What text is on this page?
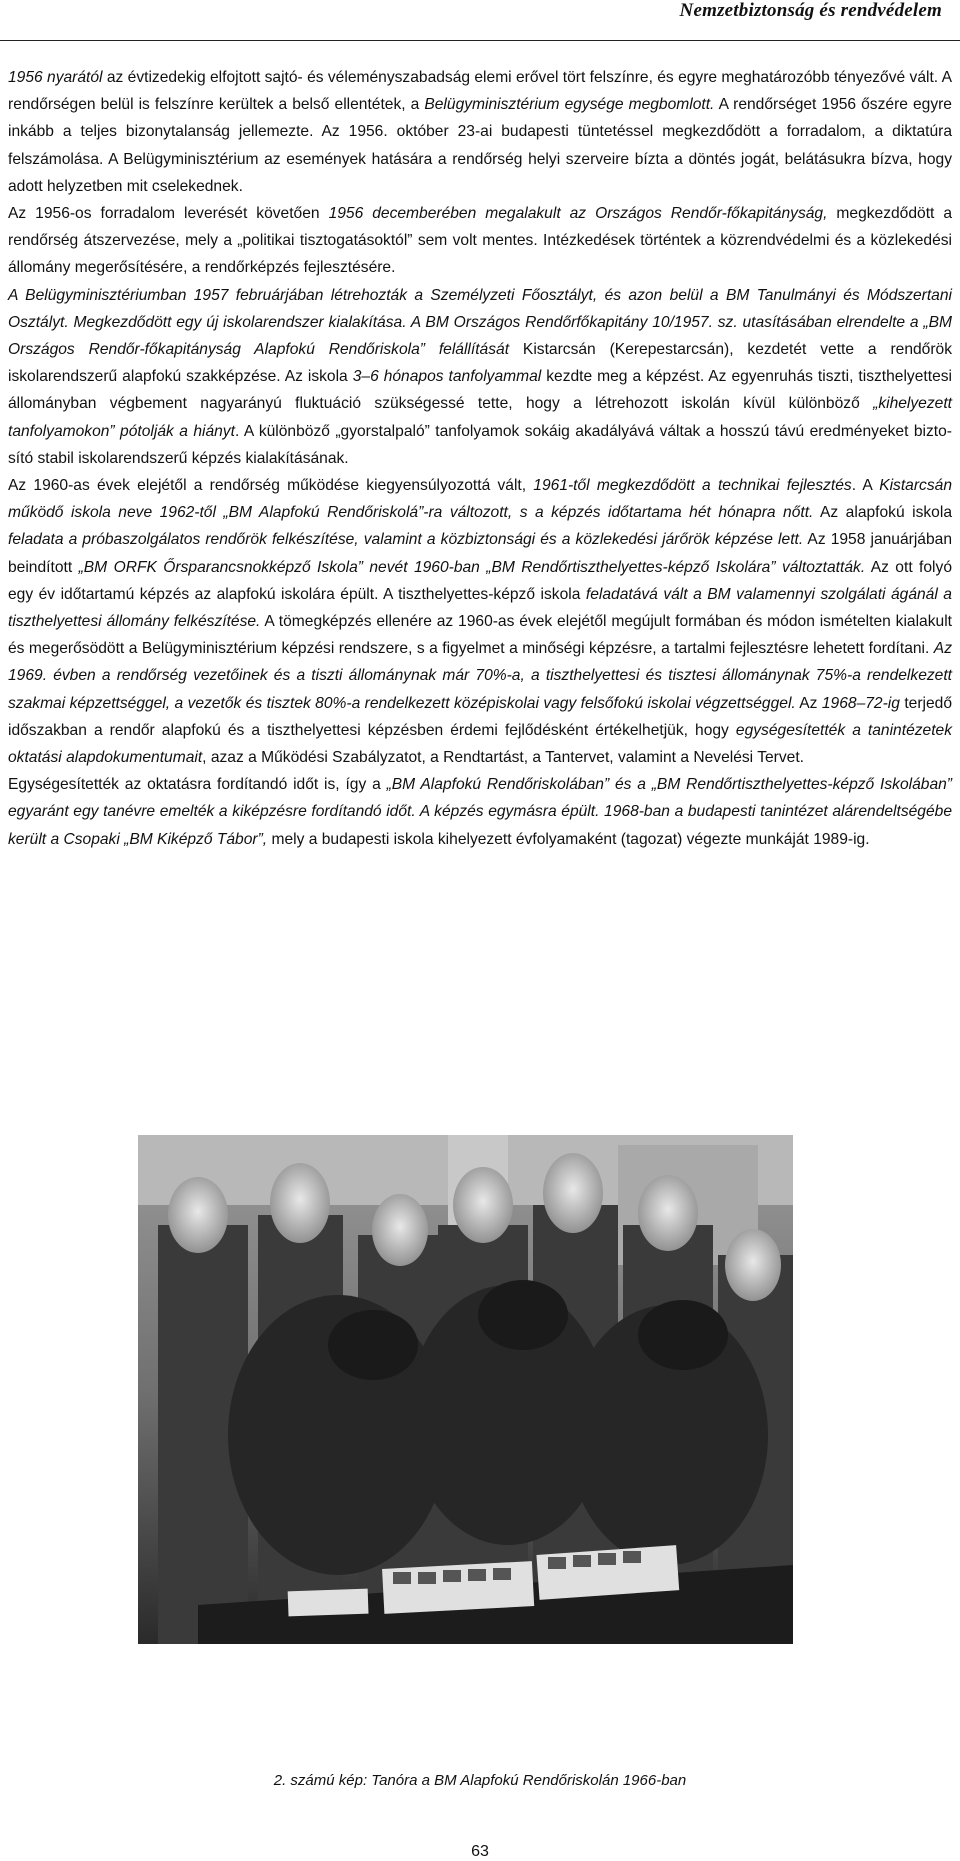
Nemzetbiztonság és rendvédelem

1956 nyarától az évtizedekig elfojtott sajtó- és véleményszabadság elemi erővel tört felszínre, és egyre meghatározóbb tényezővé vált. A rendőrségen belül is felszínre kerültek a belső ellentétek, a Belügyminisztérium egysége megbomlott. A rendőrséget 1956 őszére egyre inkább a teljes bizonytalanság jellemezte. Az 1956. október 23-ai budapesti tüntetéssel megkezdődött a forradalom, a diktatúra felszámolása. A Belügyminisztérium az események hatására a rendőrség helyi szerveire bízta a döntés jogát, belátásukra bízva, hogy adott helyzetben mit cselekednek.

Az 1956-os forradalom leverését követően 1956 decemberében megalakult az Országos Rendőr-főkapitányság, megkezdődött a rendőrség átszervezése, mely a „politikai tisztogatásoktól” sem volt mentes. Intézkedések történtek a közrendvédelmi és a közlekedési állomány megerősítésére, a rendőrképzés fejlesztésére.

A Belügyminisztériumban 1957 februárjában létrehozták a Személyzeti Főosztályt, és azon belül a BM Tanulmányi és Módszertani Osztályt. Megkezdődött egy új iskolarendszer kialakítása. A BM Országos Rendőrfőkapitány 10/1957. sz. utasításában elrendelte a „BM Országos Rendőr-főkapitányság Alapfokú Rendőriskola” felállítását Kistarcsán (Kerepestarcsán), kezdetét vette a rendőrök iskolarendszerű alapfokú szakképzése. Az iskola 3–6 hónapos tanfolyammal kezdte meg a képzést. Az egyenruhás tiszti, tiszthelyettesi állományban végbement nagyarányú fluktuáció szükségessé tette, hogy a létrehozott iskolán kívül különböző „kihelyezett tanfolyamokon” pótolják a hiányt. A különböző „gyorstalpaló” tanfolyamok sokáig akadályává váltak a hosszú távú eredményeket biztosító stabil iskolarendszerű képzés kialakításának.

Az 1960-as évek elejétől a rendőrség működése kiegyensúlyozottá vált, 1961-től megkezdődött a technikai fejlesztés. A Kistarcsán működő iskola neve 1962-től „BM Alapfokú Rendőriskolá”-ra változott, s a képzés időtartama hét hónapra nőtt. Az alapfokú iskola feladata a próbaszolgálatos rendőrök felkészítése, valamint a közbiztonsági és a közlekedési járőrök képzése lett. Az 1958 januárjában beindított „BM ORFK Őrsparancsnokképző Iskola” nevét 1960-ban „BM Rendőrtiszthelyettes-képző Iskolára” változtatták. Az ott folyó egy év időtartamú képzés az alapfokú iskolára épült. A tiszthelyettes-képző iskola feladatává vált a BM valamennyi szolgálati ágánál a tiszthelyettesi állomány felkészítése. A tömegképzés ellenére az 1960-as évek elejétől megújult formában és módon ismételten kialakult és megerősödött a Belügyminisztérium képzési rendszere, s a figyelmet a minőségi képzésre, a tartalmi fejlesztésre lehetett fordítani. Az 1969. évben a rendőrség vezetőinek és a tiszti állománynak már 70%-a, a tiszthelyettesi és tisztesi állománynak 75%-a rendelkezett szakmai képzettséggel, a vezetők és tisztek 80%-a rendelkezett középiskolai vagy felsőfokú iskolai végzettséggel. Az 1968–72-ig terjedő időszakban a rendőr alapfokú és a tiszthelyettesi képzésben érdemi fejlődésként értékelhetjük, hogy egységesítették a tanintézetek oktatási alapdokumentumait, azaz a Működési Szabályzatot, a Rendtartást, a Tantervet, valamint a Nevelési Tervet.

Egységesítették az oktatásra fordítandó időt is, így a „BM Alapfokú Rendőriskolában” és a „BM Rendőrtiszthelyettes-képző Iskolában” egyaránt egy tanévre emelték a kiképzésre fordítandó időt. A képzés egymásra épült. 1968-ban a budapesti tanintézet alárendeltségébe került a Csopaki „BM Kiképző Tábor”, mely a budapesti iskola kihelyezett évfolyamaként (tagozat) végezte munkáját 1989-ig.

2. számú kép: Tanóra a BM Alapfokú Rendőriskolán 1966-ban
63
